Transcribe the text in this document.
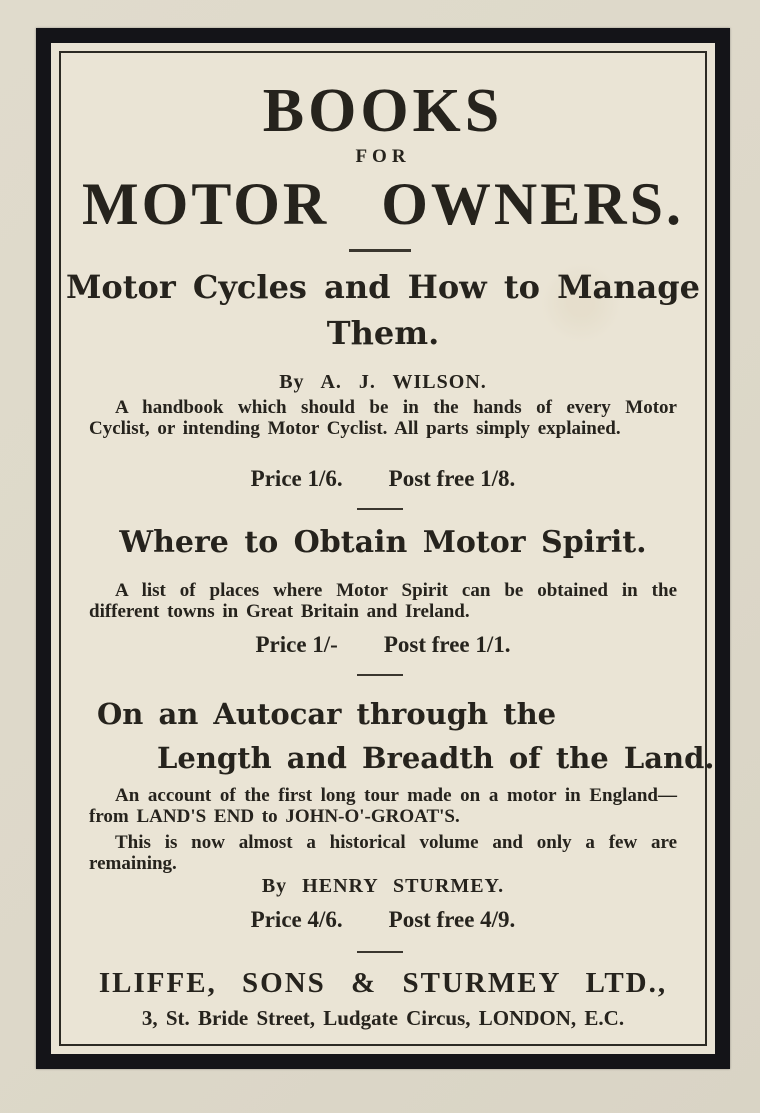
BOOKS
FOR
MOTOR OWNERS.
Motor Cycles and How to Manage
Them.
By A. J. WILSON.
A handbook which should be in the hands of every Motor Cyclist, or intending Motor Cyclist. All parts simply explained.
Price 1/6. Post free 1/8.
Where to Obtain Motor Spirit.
A list of places where Motor Spirit can be obtained in the different towns in Great Britain and Ireland.
Price 1/- Post free 1/1.
On an Autocar through the
Length and Breadth of the Land.
An account of the first long tour made on a motor in England—from LAND'S END to JOHN-O'-GROAT'S.
This is now almost a historical volume and only a few are remaining.
By HENRY STURMEY.
Price 4/6. Post free 4/9.
ILIFFE, SONS & STURMEY LTD.,
3, St. Bride Street, Ludgate Circus, LONDON, E.C.
